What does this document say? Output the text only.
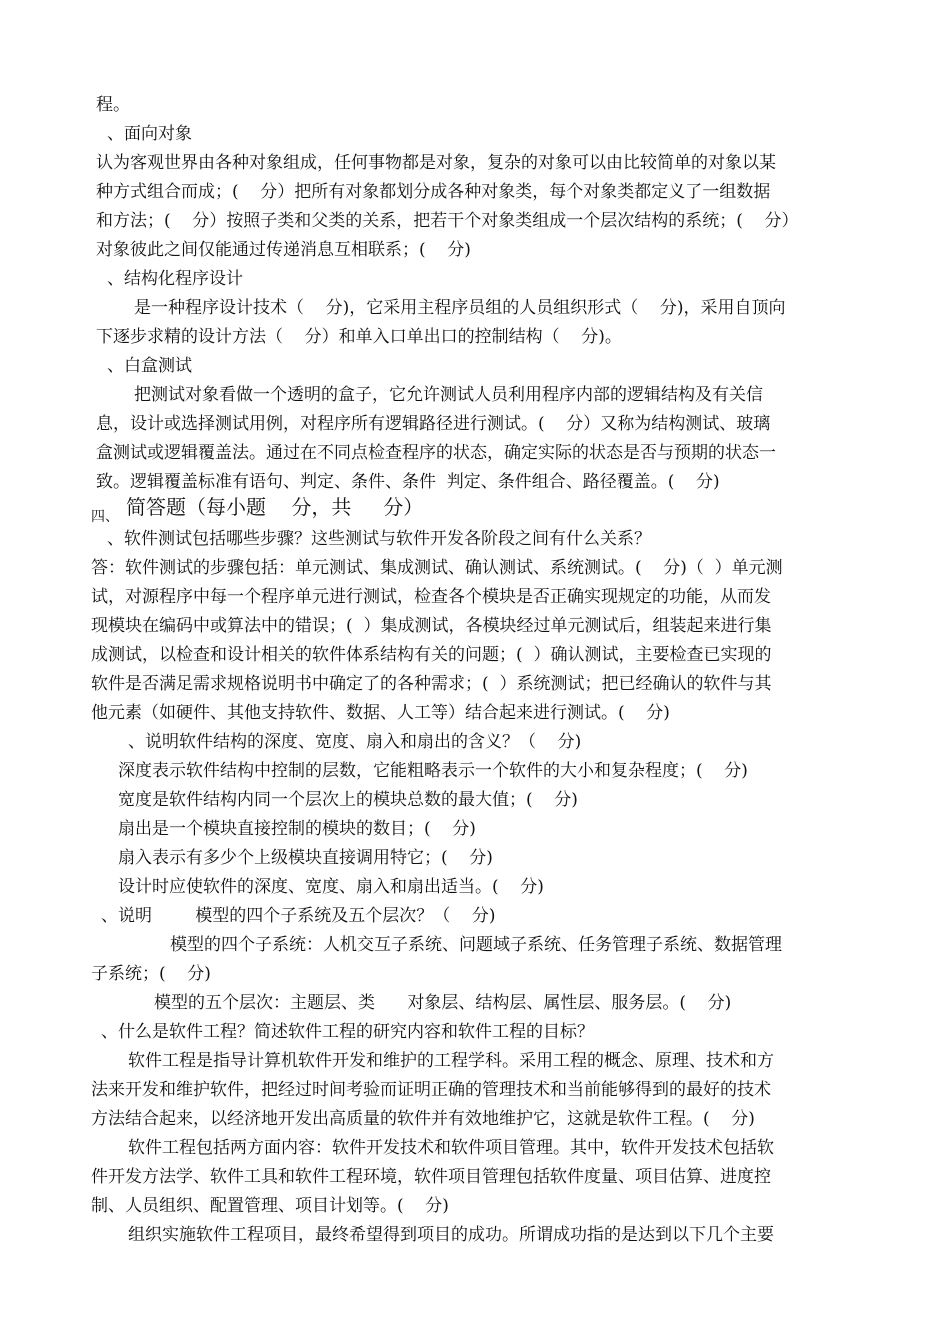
程。
、面向对象
认为客观世界由各种对象组成，任何事物都是对象，复杂的对象可以由比较简单的对象以某
种方式组合而成；(    分）把所有对象都划分成各种对象类，每个对象类都定义了一组数据
和方法；(    分）按照子类和父类的关系，把若干个对象类组成一个层次结构的系统；(    分）
对象彼此之间仅能通过传递消息互相联系；(    分)
、结构化程序设计
是一种程序设计技术（    分)，它采用主程序员组的人员组织形式（    分)，采用自顶向
下逐步求精的设计方法（    分）和单入口单出口的控制结构（    分)。
、白盒测试
把测试对象看做一个透明的盒子，它允许测试人员利用程序内部的逻辑结构及有关信
息，设计或选择测试用例，对程序所有逻辑路径进行测试。(    分）又称为结构测试、玻璃
盒测试或逻辑覆盖法。通过在不同点检查程序的状态，确定实际的状态是否与预期的状态一
致。逻辑覆盖标准有语句、判定、条件、条件  判定、条件组合、路径覆盖。(    分)
四、 简答题（每小题    分，共     分）
、软件测试包括哪些步骤？这些测试与软件开发各阶段之间有什么关系？
答：软件测试的步骤包括：单元测试、集成测试、确认测试、系统测试。(    分)（  ）单元测
试，对源程序中每一个程序单元进行测试，检查各个模块是否正确实现规定的功能，从而发
现模块在编码中或算法中的错误；(  ）集成测试，各模块经过单元测试后，组装起来进行集
成测试，以检查和设计相关的软件体系结构有关的问题；(  ）确认测试，主要检查已实现的
软件是否满足需求规格说明书中确定了的各种需求；(  ）系统测试；把已经确认的软件与其
他元素（如硬件、其他支持软件、数据、人工等）结合起来进行测试。(    分)
、说明软件结构的深度、宽度、扇入和扇出的含义？（    分)
深度表示软件结构中控制的层数，它能粗略表示一个软件的大小和复杂程度；(    分)
宽度是软件结构内同一个层次上的模块总数的最大值；(    分)
扇出是一个模块直接控制的模块的数目；(    分)
扇入表示有多少个上级模块直接调用特它；(    分)
设计时应使软件的深度、宽度、扇入和扇出适当。(    分)
、说明        模型的四个子系统及五个层次？（    分)
模型的四个子系统：人机交互子系统、问题域子系统、任务管理子系统、数据管理
子系统；(    分)
模型的五个层次：主题层、类      对象层、结构层、属性层、服务层。(    分)
、什么是软件工程？简述软件工程的研究内容和软件工程的目标？
软件工程是指导计算机软件开发和维护的工程学科。采用工程的概念、原理、技术和方
法来开发和维护软件，把经过时间考验而证明正确的管理技术和当前能够得到的最好的技术
方法结合起来，以经济地开发出高质量的软件并有效地维护它，这就是软件工程。(    分)
软件工程包括两方面内容：软件开发技术和软件项目管理。其中，软件开发技术包括软
件开发方法学、软件工具和软件工程环境，软件项目管理包括软件度量、项目估算、进度控
制、人员组织、配置管理、项目计划等。(    分)
组织实施软件工程项目，最终希望得到项目的成功。所谓成功指的是达到以下几个主要
